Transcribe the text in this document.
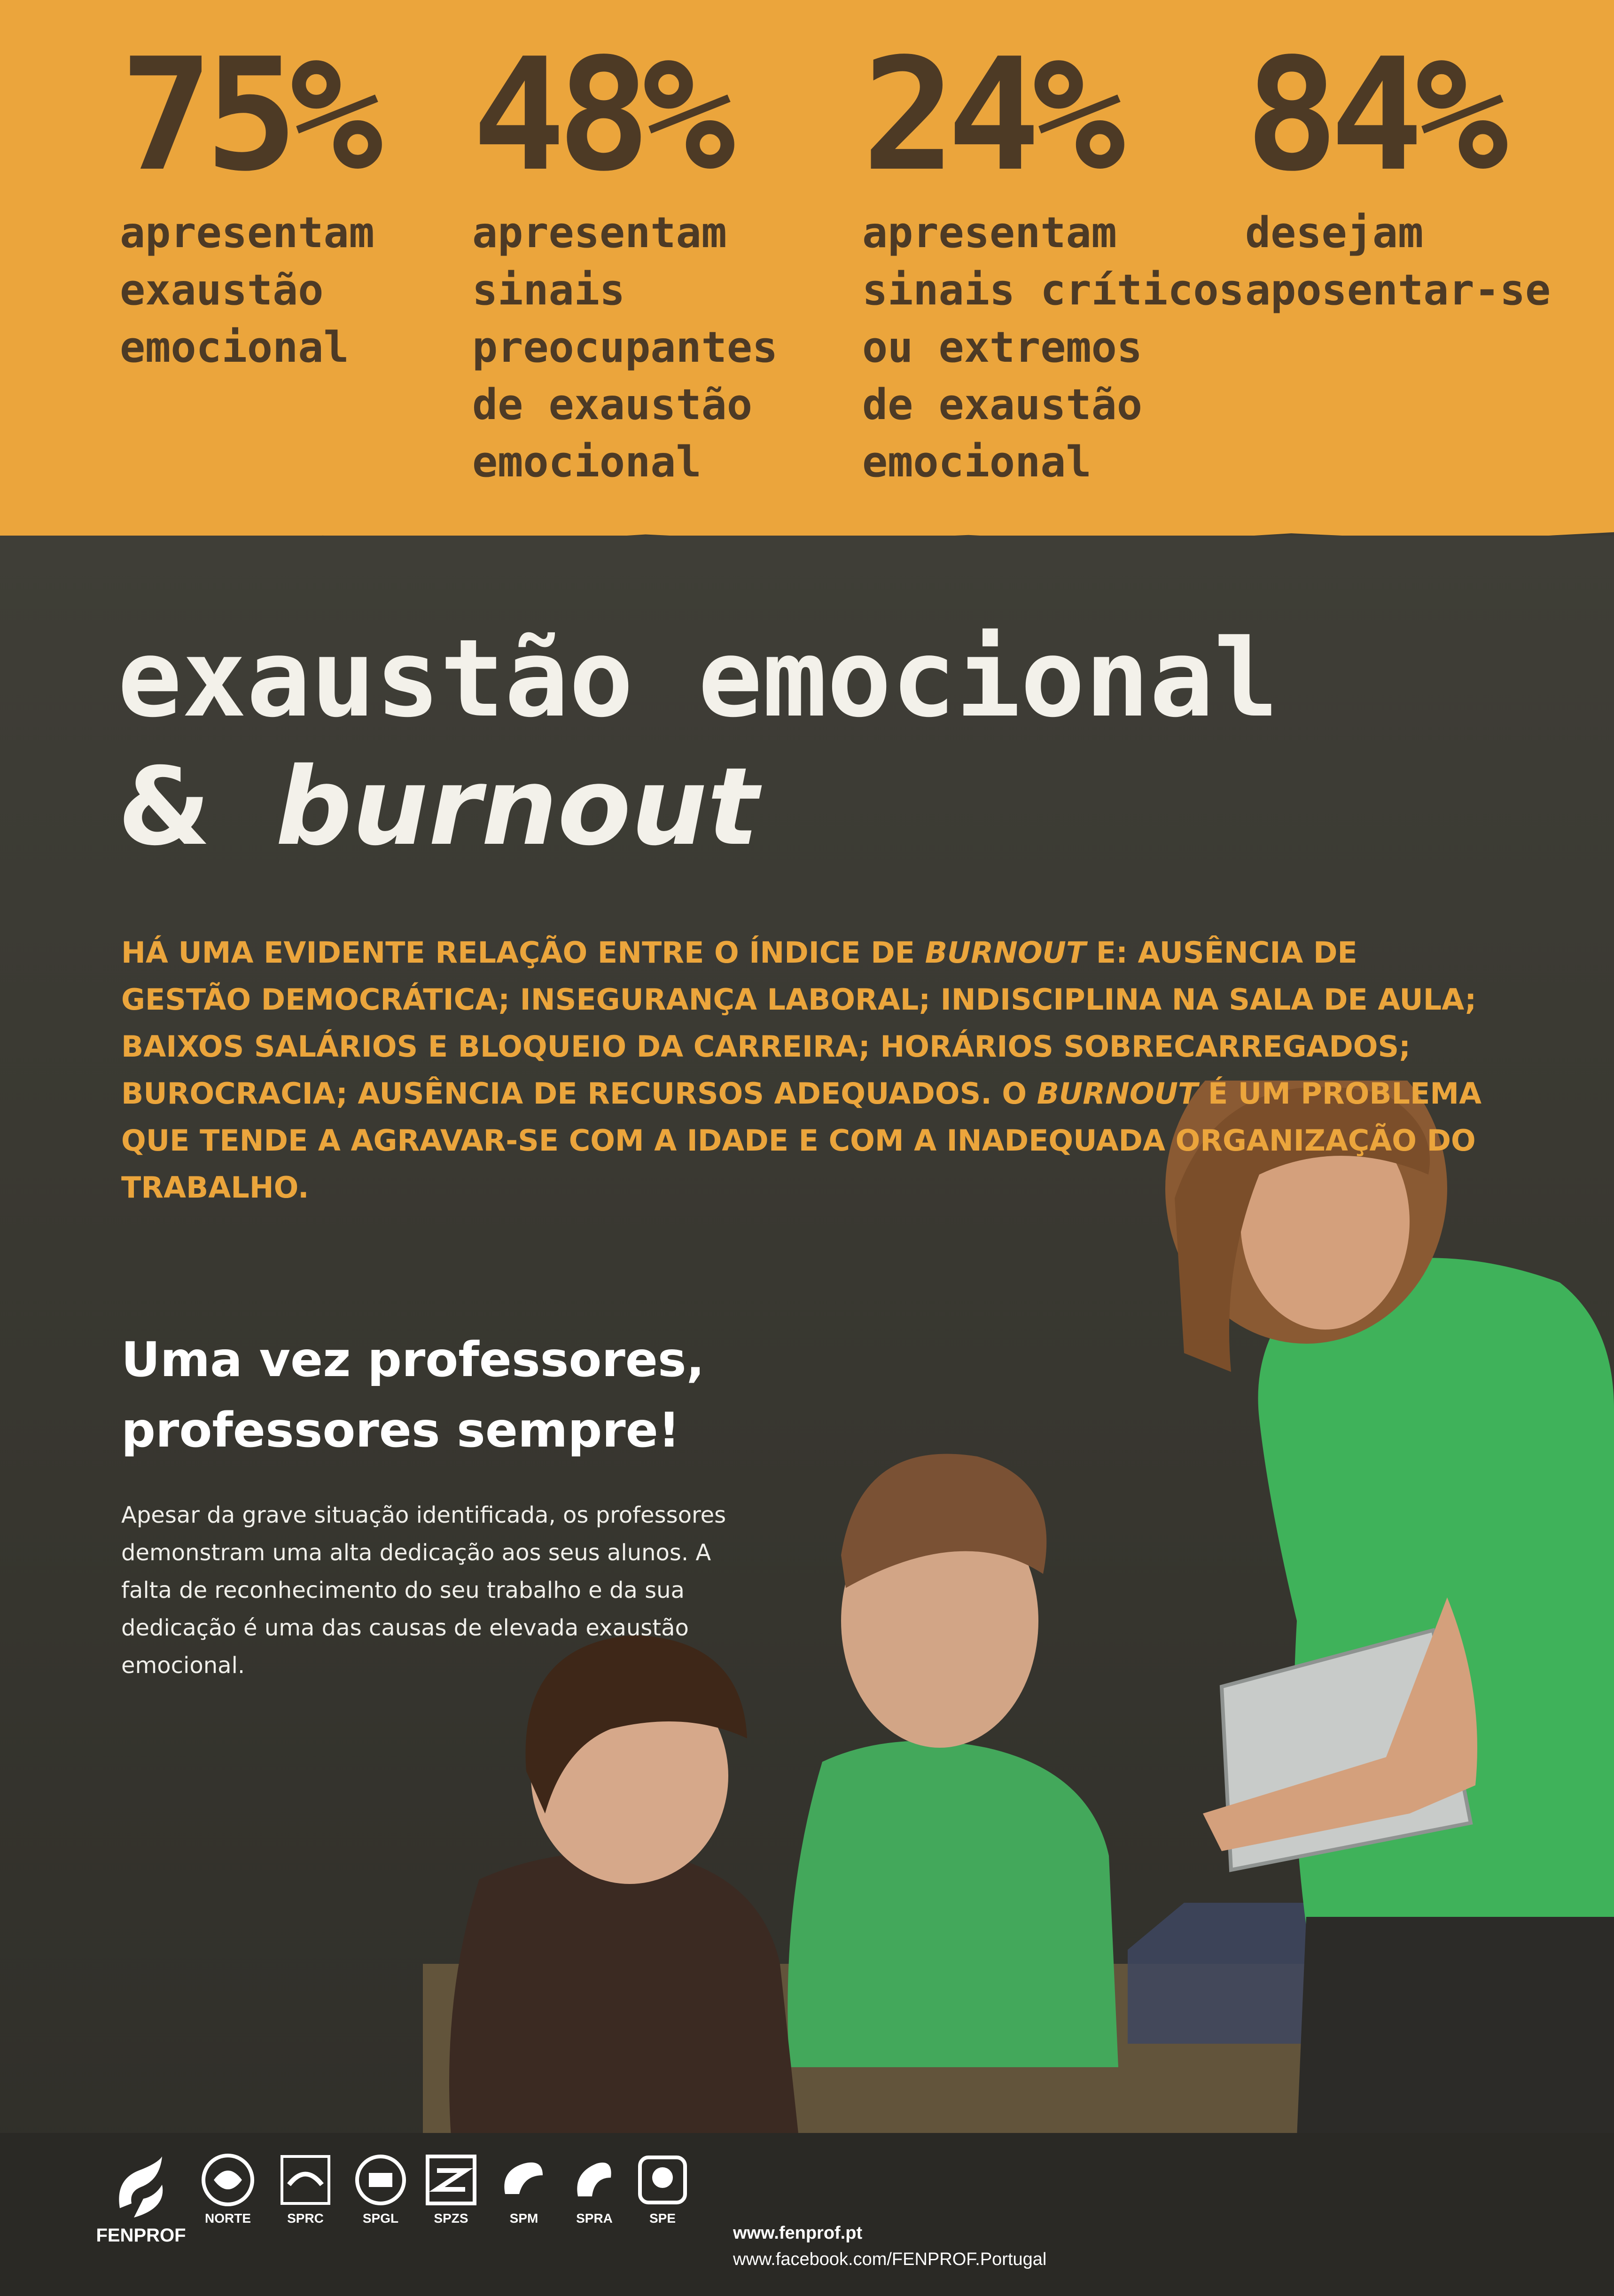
75%
apresentam
exaustão
emocional
48%
apresentam
sinais
preocupantes
de exaustão
emocional
24%
apresentam
sinais críticos
ou extremos
de exaustão
emocional
84%
desejam
aposentar-se
exaustão emocional
& burnout
HÁ UMA EVIDENTE RELAÇÃO ENTRE O ÍNDICE DE BURNOUT E: AUSÊNCIA DE GESTÃO DEMOCRÁTICA; INSEGURANÇA LABORAL; INDISCIPLINA NA SALA DE AULA; BAIXOS SALÁRIOS E BLOQUEIO DA CARREIRA; HORÁRIOS SOBRECARREGADOS; BUROCRACIA; AUSÊNCIA DE RECURSOS ADEQUADOS. O BURNOUT É UM PROBLEMA QUE TENDE A AGRAVAR-SE COM A IDADE E COM A INADEQUADA ORGANIZAÇÃO DO TRABALHO.
Uma vez professores,
professores sempre!
Apesar da grave situação identificada, os professores demonstram uma alta dedicação aos seus alunos. A falta de reconhecimento do seu trabalho e da sua dedicação é uma das causas de elevada exaustão emocional.
FENPROF
NORTE	SPRC	SPGL	SPZS	SPM	SPRA	SPE
www.fenprof.pt
www.facebook.com/FENPROF.Portugal
